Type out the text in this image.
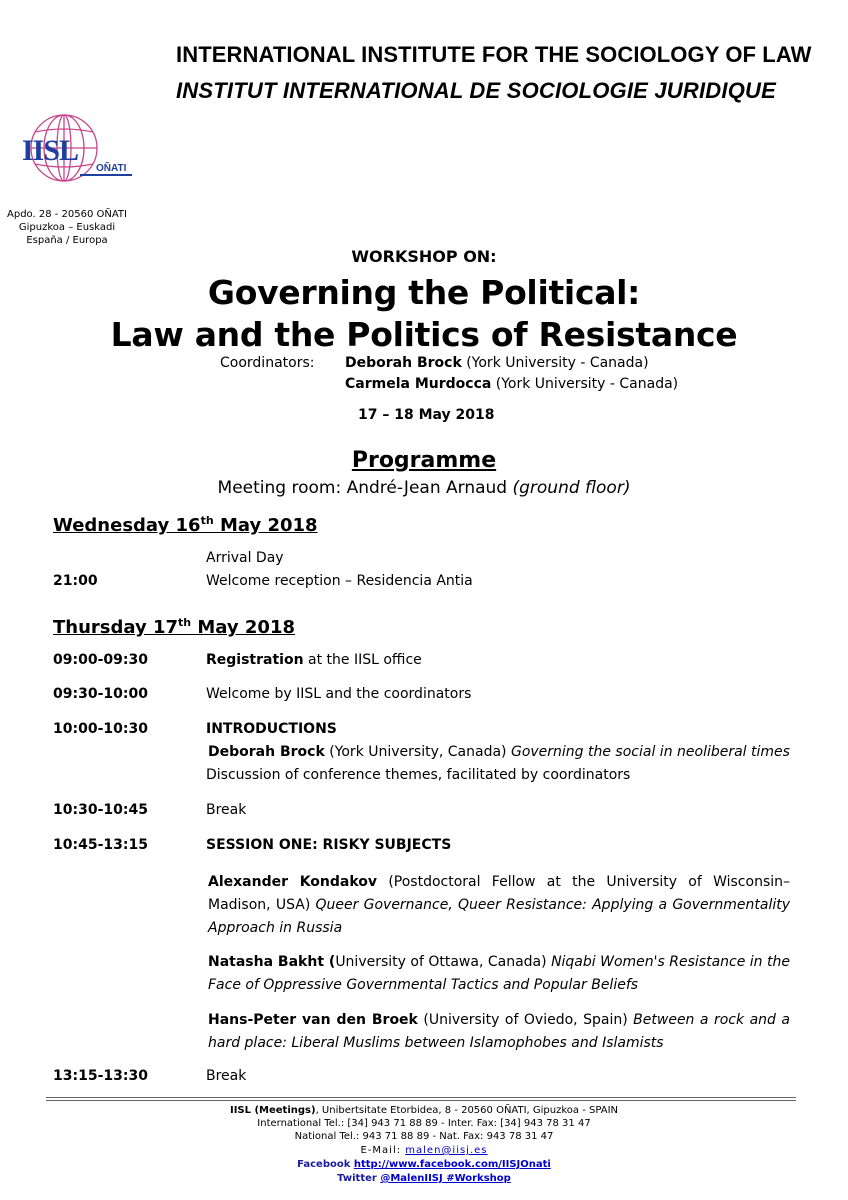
INTERNATIONAL INSTITUTE FOR THE SOCIOLOGY OF LAW
INSTITUT INTERNATIONAL DE SOCIOLOGIE JURIDIQUE
IISL
OÑATI
Apdo. 28 - 20560 OÑATI
Gipuzkoa – Euskadi
España / Europa
WORKSHOP ON:
Governing the Political:
Law and the Politics of Resistance
Coordinators: Deborah Brock (York University - Canada)
Carmela Murdocca (York University - Canada)
17 – 18 May 2018
Programme
Meeting room: André-Jean Arnaud (ground floor)
Wednesday 16th May 2018
Arrival Day
21:00	Welcome reception – Residencia Antia
Thursday 17th May 2018
09:00-09:30	Registration at the IISL office
09:30-10:00	Welcome by IISL and the coordinators
10:00-10:30	INTRODUCTIONS
Deborah Brock (York University, Canada) Governing the social in neoliberal times
Discussion of conference themes, facilitated by coordinators
10:30-10:45	Break
10:45-13:15	SESSION ONE: RISKY SUBJECTS
Alexander Kondakov (Postdoctoral Fellow at the University of Wisconsin–Madison, USA) Queer Governance, Queer Resistance: Applying a Governmentality Approach in Russia
Natasha Bakht (University of Ottawa, Canada) Niqabi Women's Resistance in the Face of Oppressive Governmental Tactics and Popular Beliefs
Hans-Peter van den Broek (University of Oviedo, Spain) Between a rock and a hard place: Liberal Muslims between Islamophobes and Islamists
13:15-13:30	Break
IISL (Meetings), Unibertsitate Etorbidea, 8 - 20560 OÑATI, Gipuzkoa - SPAIN
International Tel.: [34] 943 71 88 89 - Inter. Fax: [34] 943 78 31 47
National Tel.: 943 71 88 89 - Nat. Fax: 943 78 31 47
E-Mail: malen@iisj.es
Facebook http://www.facebook.com/IISJOnati
Twitter @MalenIISJ #Workshop
